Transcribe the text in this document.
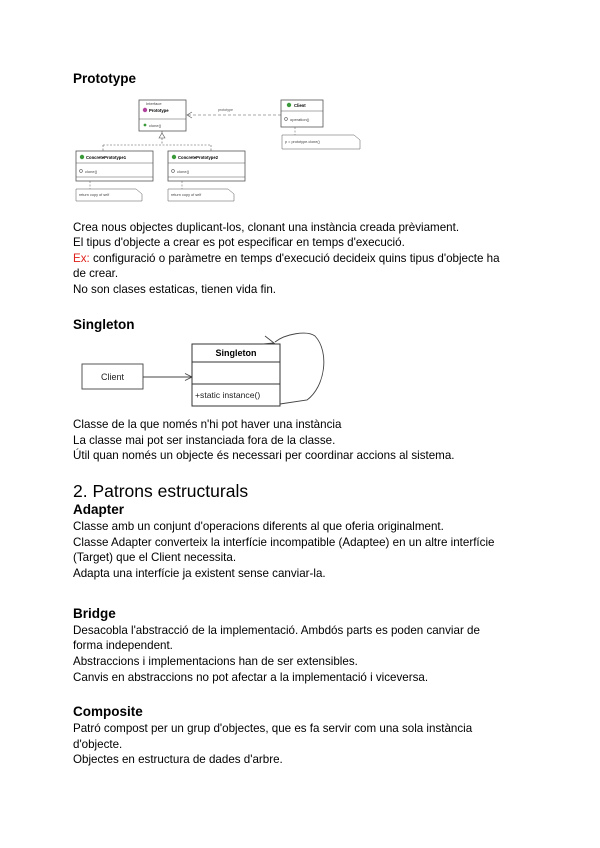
Prototype
Interface
Prototype
clone()
Client
operation()
prototype
p = prototype.clone()
ConcretePrototype1
clone()
return copy of self
ConcretePrototype2
clone()
return copy of self
Crea nous objectes duplicant-los, clonant una instància creada prèviament.
El tipus d'objecte a crear es pot especificar en temps d'execució.
Ex: configuració o paràmetre en temps d'execució decideix quins tipus d'objecte ha
de crear.
No son clases estaticas, tienen vida fin.
Singleton
Client
Singleton
+static instance()
Classe de la que només n'hi pot haver una instància
La classe mai pot ser instanciada fora de la classe.
Útil quan només un objecte és necessari per coordinar accions al sistema.
2. Patrons estructurals
Adapter
Classe amb un conjunt d'operacions diferents al que oferia originalment.
Classe Adapter converteix la interfície incompatible (Adaptee) en un altre interfície
(Target) que el Client necessita.
Adapta una interfície ja existent sense canviar-la.
Bridge
Desacobla l'abstracció de la implementació. Ambdós parts es poden canviar de
forma independent.
Abstraccions i implementacions han de ser extensibles.
Canvis en abstraccions no pot afectar a la implementació i viceversa.
Composite
Patró compost per un grup d'objectes, que es fa servir com una sola instància
d'objecte.
Objectes en estructura de dades d'arbre.
